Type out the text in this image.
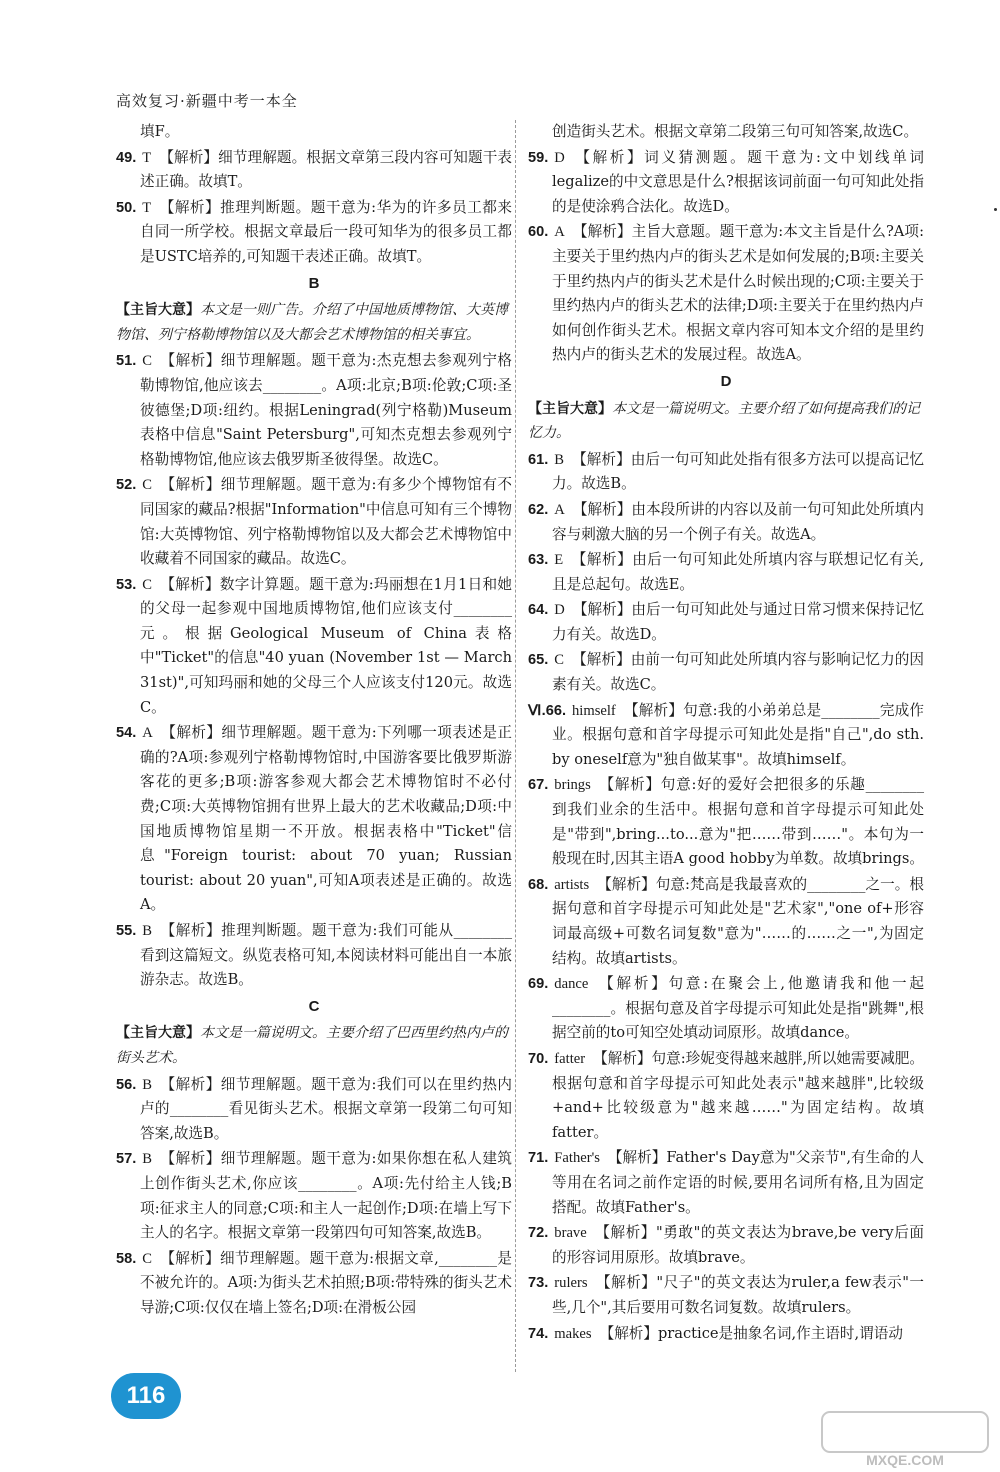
高效复习·新疆中考一本全
填F。
49. T 【解析】细节理解题。根据文章第三段内容可知题干表述正确。故填T。
50. T 【解析】推理判断题。题干意为:华为的许多员工都来自同一所学校。根据文章最后一段可知华为的很多员工都是USTC培养的,可知题干表述正确。故填T。
B
【主旨大意】本文是一则广告。介绍了中国地质博物馆、大英博物馆、列宁格勒博物馆以及大都会艺术博物馆的相关事宜。
51. C 【解析】细节理解题。题干意为:杰克想去参观列宁格勒博物馆,他应该去________。A项:北京;B项:伦敦;C项:圣彼德堡;D项:纽约。根据Leningrad(列宁格勒)Museum表格中信息"Saint Petersburg",可知杰克想去参观列宁格勒博物馆,他应该去俄罗斯圣彼得堡。故选C。
52. C 【解析】细节理解题。题干意为:有多少个博物馆有不同国家的藏品?根据"Information"中信息可知有三个博物馆:大英博物馆、列宁格勒博物馆以及大都会艺术博物馆中收藏着不同国家的藏品。故选C。
53. C 【解析】数字计算题。题干意为:玛丽想在1月1日和她的父母一起参观中国地质博物馆,他们应该支付________元。根据Geological Museum of China表格中"Ticket"的信息"40 yuan (November 1st — March 31st)",可知玛丽和她的父母三个人应该支付120元。故选C。
54. A 【解析】细节理解题。题干意为:下列哪一项表述是正确的?A项:参观列宁格勒博物馆时,中国游客要比俄罗斯游客花的更多;B项:游客参观大都会艺术博物馆时不必付费;C项:大英博物馆拥有世界上最大的艺术收藏品;D项:中国地质博物馆星期一不开放。根据表格中"Ticket"信息"Foreign tourist: about 70 yuan; Russian tourist: about 20 yuan",可知A项表述是正确的。故选A。
55. B 【解析】推理判断题。题干意为:我们可能从________看到这篇短文。纵览表格可知,本阅读材料可能出自一本旅游杂志。故选B。
C
【主旨大意】本文是一篇说明文。主要介绍了巴西里约热内卢的街头艺术。
56. B 【解析】细节理解题。题干意为:我们可以在里约热内卢的________看见街头艺术。根据文章第一段第二句可知答案,故选B。
57. B 【解析】细节理解题。题干意为:如果你想在私人建筑上创作街头艺术,你应该________。A项:先付给主人钱;B项:征求主人的同意;C项:和主人一起创作;D项:在墙上写下主人的名字。根据文章第一段第四句可知答案,故选B。
58. C 【解析】细节理解题。题干意为:根据文章,________是不被允许的。A项:为街头艺术拍照;B项:带特殊的街头艺术导游;C项:仅仅在墙上签名;D项:在滑板公园
创造街头艺术。根据文章第二段第三句可知答案,故选C。
59. D 【解析】词义猜测题。题干意为:文中划线单词legalize的中文意思是什么?根据该词前面一句可知此处指的是使涂鸦合法化。故选D。
60. A 【解析】主旨大意题。题干意为:本文主旨是什么?A项:主要关于里约热内卢的街头艺术是如何发展的;B项:主要关于里约热内卢的街头艺术是什么时候出现的;C项:主要关于里约热内卢的街头艺术的法律;D项:主要关于在里约热内卢如何创作街头艺术。根据文章内容可知本文介绍的是里约热内卢的街头艺术的发展过程。故选A。
D
【主旨大意】本文是一篇说明文。主要介绍了如何提高我们的记忆力。
61. B 【解析】由后一句可知此处指有很多方法可以提高记忆力。故选B。
62. A 【解析】由本段所讲的内容以及前一句可知此处所填内容与刺激大脑的另一个例子有关。故选A。
63. E 【解析】由后一句可知此处所填内容与联想记忆有关,且是总起句。故选E。
64. D 【解析】由后一句可知此处与通过日常习惯来保持记忆力有关。故选D。
65. C 【解析】由前一句可知此处所填内容与影响记忆力的因素有关。故选C。
Ⅵ.66. himself 【解析】句意:我的小弟弟总是________完成作业。根据句意和首字母提示可知此处是指"自己",do sth. by oneself意为"独自做某事"。故填himself。
67. brings 【解析】句意:好的爱好会把很多的乐趣________到我们业余的生活中。根据句意和首字母提示可知此处是"带到",bring...to...意为"把……带到……"。本句为一般现在时,因其主语A good hobby为单数。故填brings。
68. artists 【解析】句意:梵高是我最喜欢的________之一。根据句意和首字母提示可知此处是"艺术家","one of+形容词最高级+可数名词复数"意为"……的……之一",为固定结构。故填artists。
69. dance 【解析】句意:在聚会上,他邀请我和他一起________。根据句意及首字母提示可知此处是指"跳舞",根据空前的to可知空处填动词原形。故填dance。
70. fatter 【解析】句意:珍妮变得越来越胖,所以她需要减肥。根据句意和首字母提示可知此处表示"越来越胖",比较级+and+比较级意为"越来越……"为固定结构。故填fatter。
71. Father's 【解析】Father's Day意为"父亲节",有生命的人等用在名词之前作定语的时候,要用名词所有格,且为固定搭配。故填Father's。
72. brave 【解析】"勇敢"的英文表达为brave,be very后面的形容词用原形。故填brave。
73. rulers 【解析】"尺子"的英文表达为ruler,a few表示"一些,几个",其后要用可数名词复数。故填rulers。
74. makes 【解析】practice是抽象名词,作主语时,谓语动
116
MXQE.COM
